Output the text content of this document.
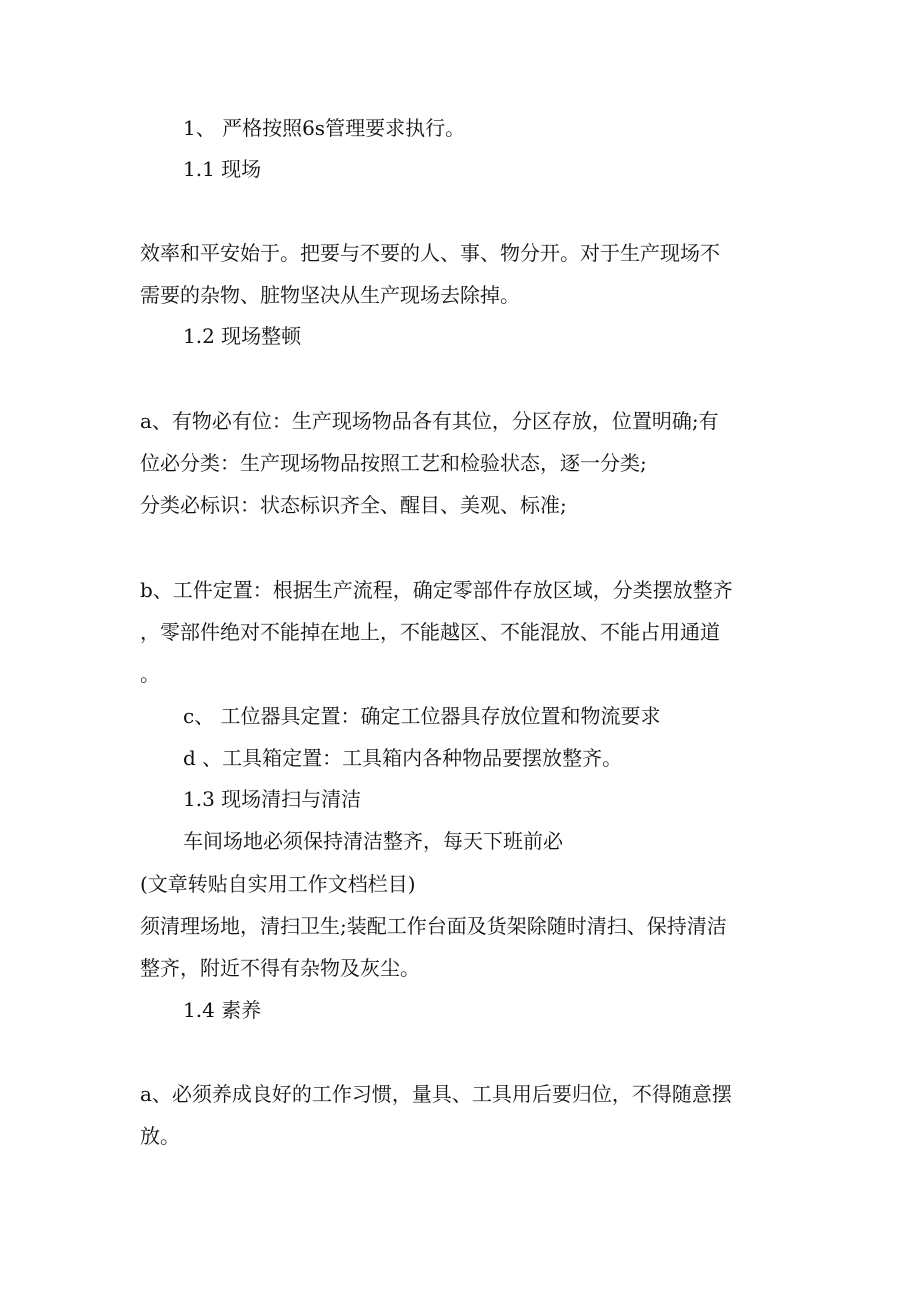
1、 严格按照6s管理要求执行。

1.1 现场

效率和平安始于。把要与不要的人、事、物分开。对于生产现场不

需要的杂物、脏物坚决从生产现场去除掉。

1.2 现场整顿

a、有物必有位：生产现场物品各有其位，分区存放，位置明确;有

位必分类：生产现场物品按照工艺和检验状态，逐一分类;

分类必标识：状态标识齐全、醒目、美观、标准;

b、工件定置：根据生产流程，确定零部件存放区域，分类摆放整齐

，零部件绝对不能掉在地上，不能越区、不能混放、不能占用通道

。

c、 工位器具定置：确定工位器具存放位置和物流要求

d 、工具箱定置：工具箱内各种物品要摆放整齐。

1.3 现场清扫与清洁

车间场地必须保持清洁整齐，每天下班前必

(文章转贴自实用工作文档栏目)

须清理场地，清扫卫生;装配工作台面及货架除随时清扫、保持清洁

整齐，附近不得有杂物及灰尘。

1.4 素养

a、必须养成良好的工作习惯，量具、工具用后要归位，不得随意摆

放。
